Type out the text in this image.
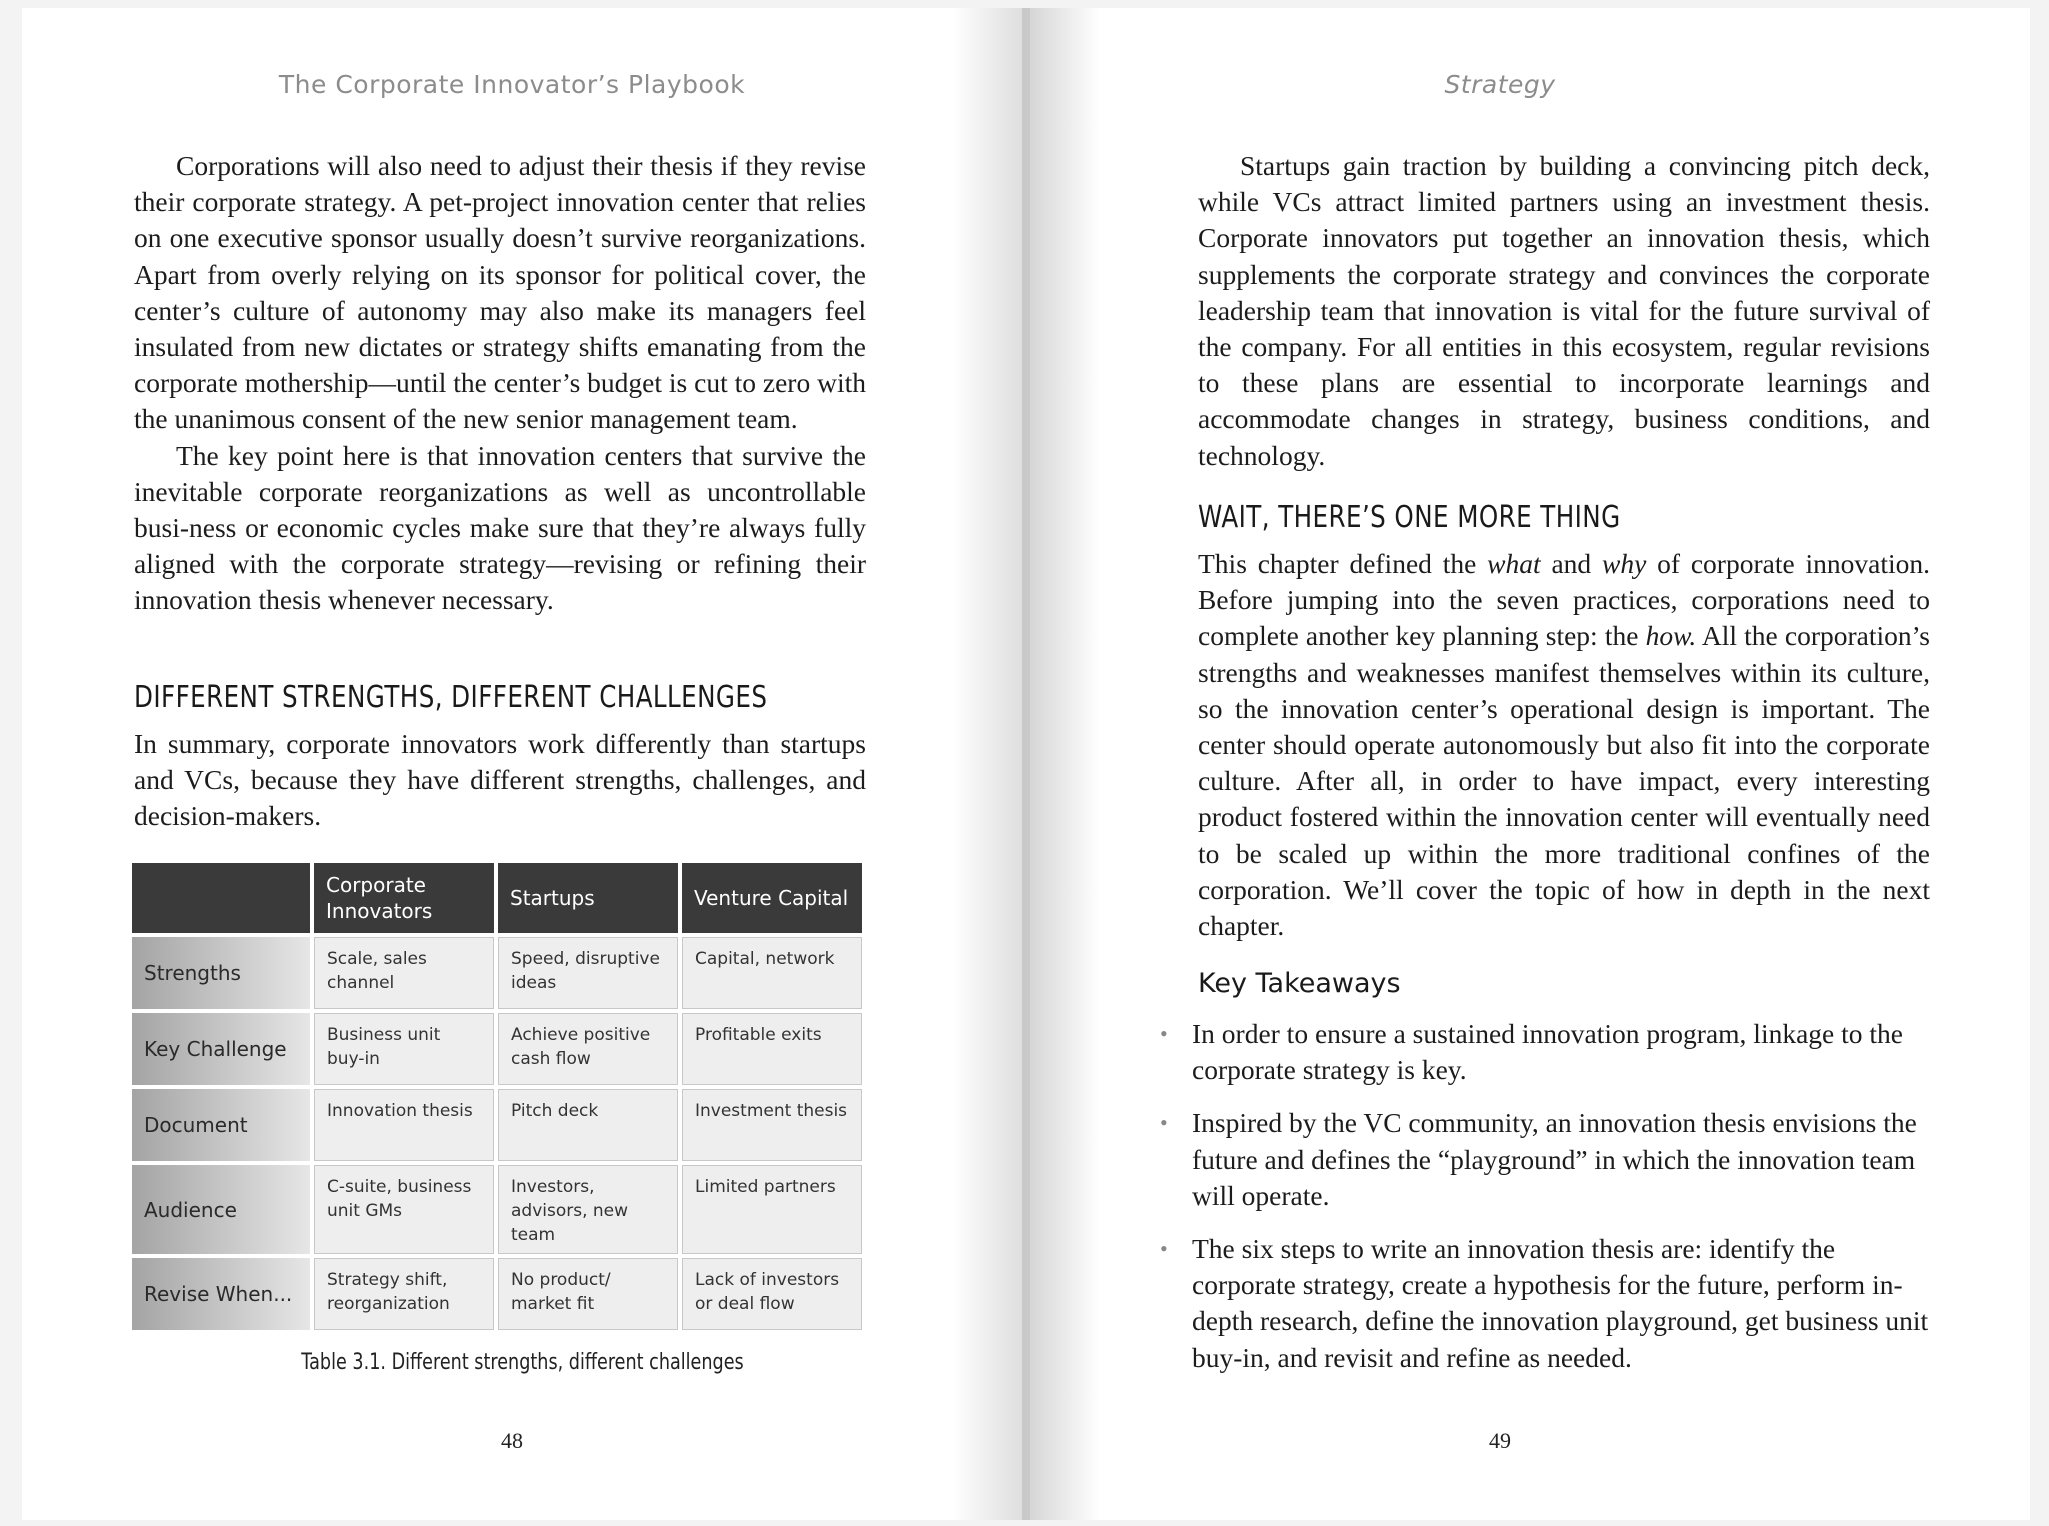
The Corporate Innovator’s Playbook

Corporations will also need to adjust their thesis if they revise their corporate strategy. A pet-project innovation center that relies on one executive sponsor usually doesn’t survive reorganizations. Apart from overly relying on its sponsor for political cover, the center’s culture of autonomy may also make its managers feel insulated from new dictates or strategy shifts emanating from the corporate mothership—until the center’s budget is cut to zero with the unanimous consent of the new senior management team.

The key point here is that innovation centers that survive the inevitable corporate reorganizations as well as uncontrollable busi-ness or economic cycles make sure that they’re always fully aligned with the corporate strategy—revising or refining their innovation thesis whenever necessary.

DIFFERENT STRENGTHS, DIFFERENT CHALLENGES

In summary, corporate innovators work differently than startups and VCs, because they have different strengths, challenges, and decision-makers.

	Corporate Innovators	Startups	Venture Capital
Strengths	Scale, sales channel	Speed, disruptive ideas	Capital, network
Key Challenge	Business unit buy-in	Achieve positive cash flow	Profitable exits
Document	Innovation thesis	Pitch deck	Investment thesis
Audience	C-suite, business unit GMs	Investors, advisors, new team	Limited partners
Revise When...	Strategy shift, reorganization	No product/ market fit	Lack of investors or deal flow
Table 3.1. Different strengths, different challenges
48
Strategy

Startups gain traction by building a convincing pitch deck, while VCs attract limited partners using an investment thesis. Corporate innovators put together an innovation thesis, which supplements the corporate strategy and convinces the corporate leadership team that innovation is vital for the future survival of the company. For all entities in this ecosystem, regular revisions to these plans are essential to incorporate learnings and accommodate changes in strategy, business conditions, and technology.

WAIT, THERE’S ONE MORE THING

This chapter defined the what and why of corporate innovation. Before jumping into the seven practices, corporations need to complete another key planning step: the how. All the corporation’s strengths and weaknesses manifest themselves within its culture, so the innovation center’s operational design is important. The center should operate autonomously but also fit into the corporate culture. After all, in order to have impact, every interesting product fostered within the innovation center will eventually need to be scaled up within the more traditional confines of the corporation. We’ll cover the topic of how in depth in the next chapter.

Key Takeaways
49
• In order to ensure a sustained innovation program, linkage to the corporate strategy is key.
• Inspired by the VC community, an innovation thesis envisions the future and defines the “playground” in which the innovation team will operate.
• The six steps to write an innovation thesis are: identify the corporate strategy, create a hypothesis for the future, perform in-depth research, define the innovation playground, get business unit buy-in, and revisit and refine as needed.
